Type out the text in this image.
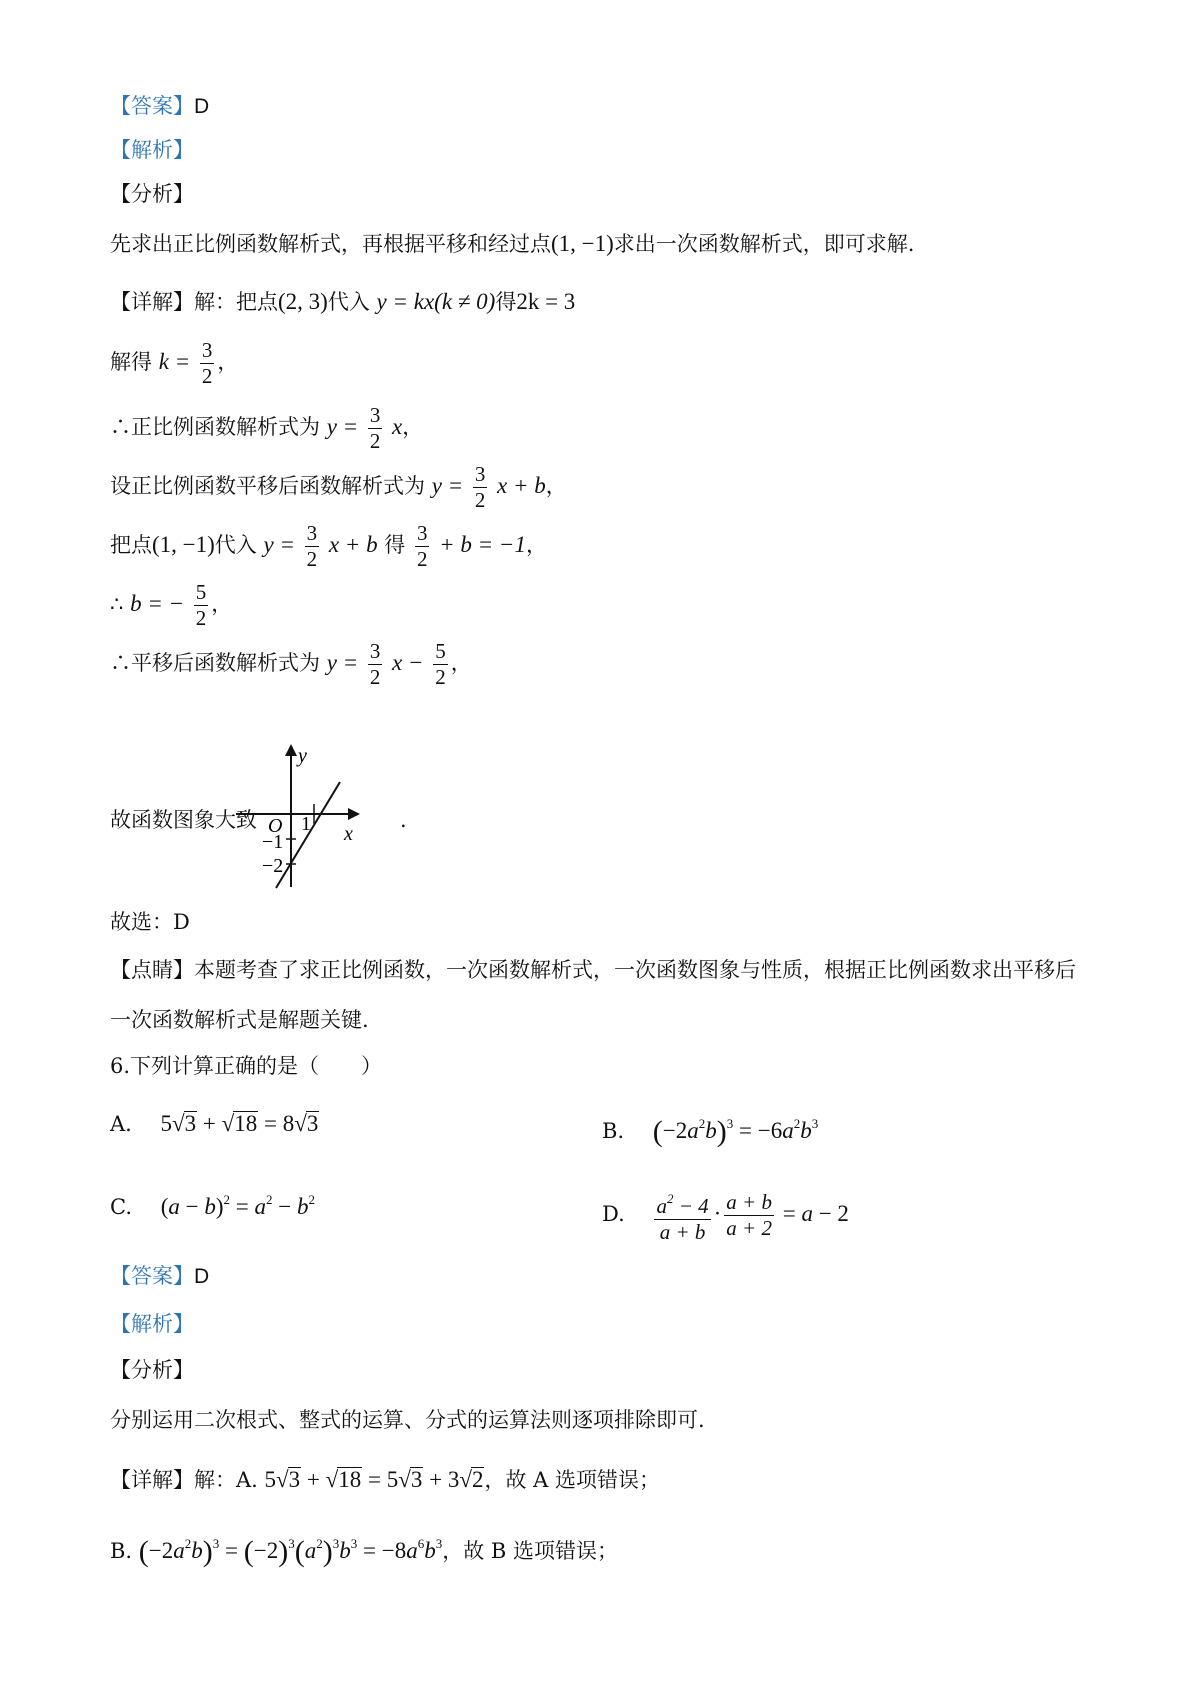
【答案】D
【解析】
【分析】
先求出正比例函数解析式，再根据平移和经过点(1, −1)求出一次函数解析式，即可求解.
【详解】解：把点(2, 3)代入 y = kx(k ≠ 0)得2k = 3
解得 $k = \frac{3}{2}$ ，
∴正比例函数解析式为 $y = \frac{3}{2}$ x，
设正比例函数平移后函数解析式为 $y = \frac{3}{2}$ x + b，
把点(1, −1)代入 $y = \frac{3}{2}$ x + b 得 $\frac{3}{2} + b = -1$，
∴ b = − $\frac{5}{2}$ ，
∴平移后函数解析式为 $y = \frac{3}{2}$ $x - \frac{5}{2}$ ，
故函数图象大致
y
x
O 1
−1
−2
.
故选：D
【点睛】本题考查了求正比例函数，一次函数解析式，一次函数图象与性质，根据正比例函数求出平移后
一次函数解析式是解题关键.
6.下列计算正确的是（　　）
A. 5√3 + √18 = 8√3	B. $(-2a^2b)^3 = -6a^2b^3$
C. $(a - b)^2 = a^2 - b^2$
D. $\frac{a^2 - 4}{a + b} \cdot \frac{a + b}{a + 2} = a - 2$
【答案】D
【解析】
【分析】
分别运用二次根式、整式的运算、分式的运算法则逐项排除即可.
【详解】解：A. 5√3 + √18 = 5√3 + 3√2，故 A 选项错误；
B. $(-2a^2b)^3 = (-2)^3(a^2)^3b^3 = -8a^6b^3$，故 B 选项错误；
